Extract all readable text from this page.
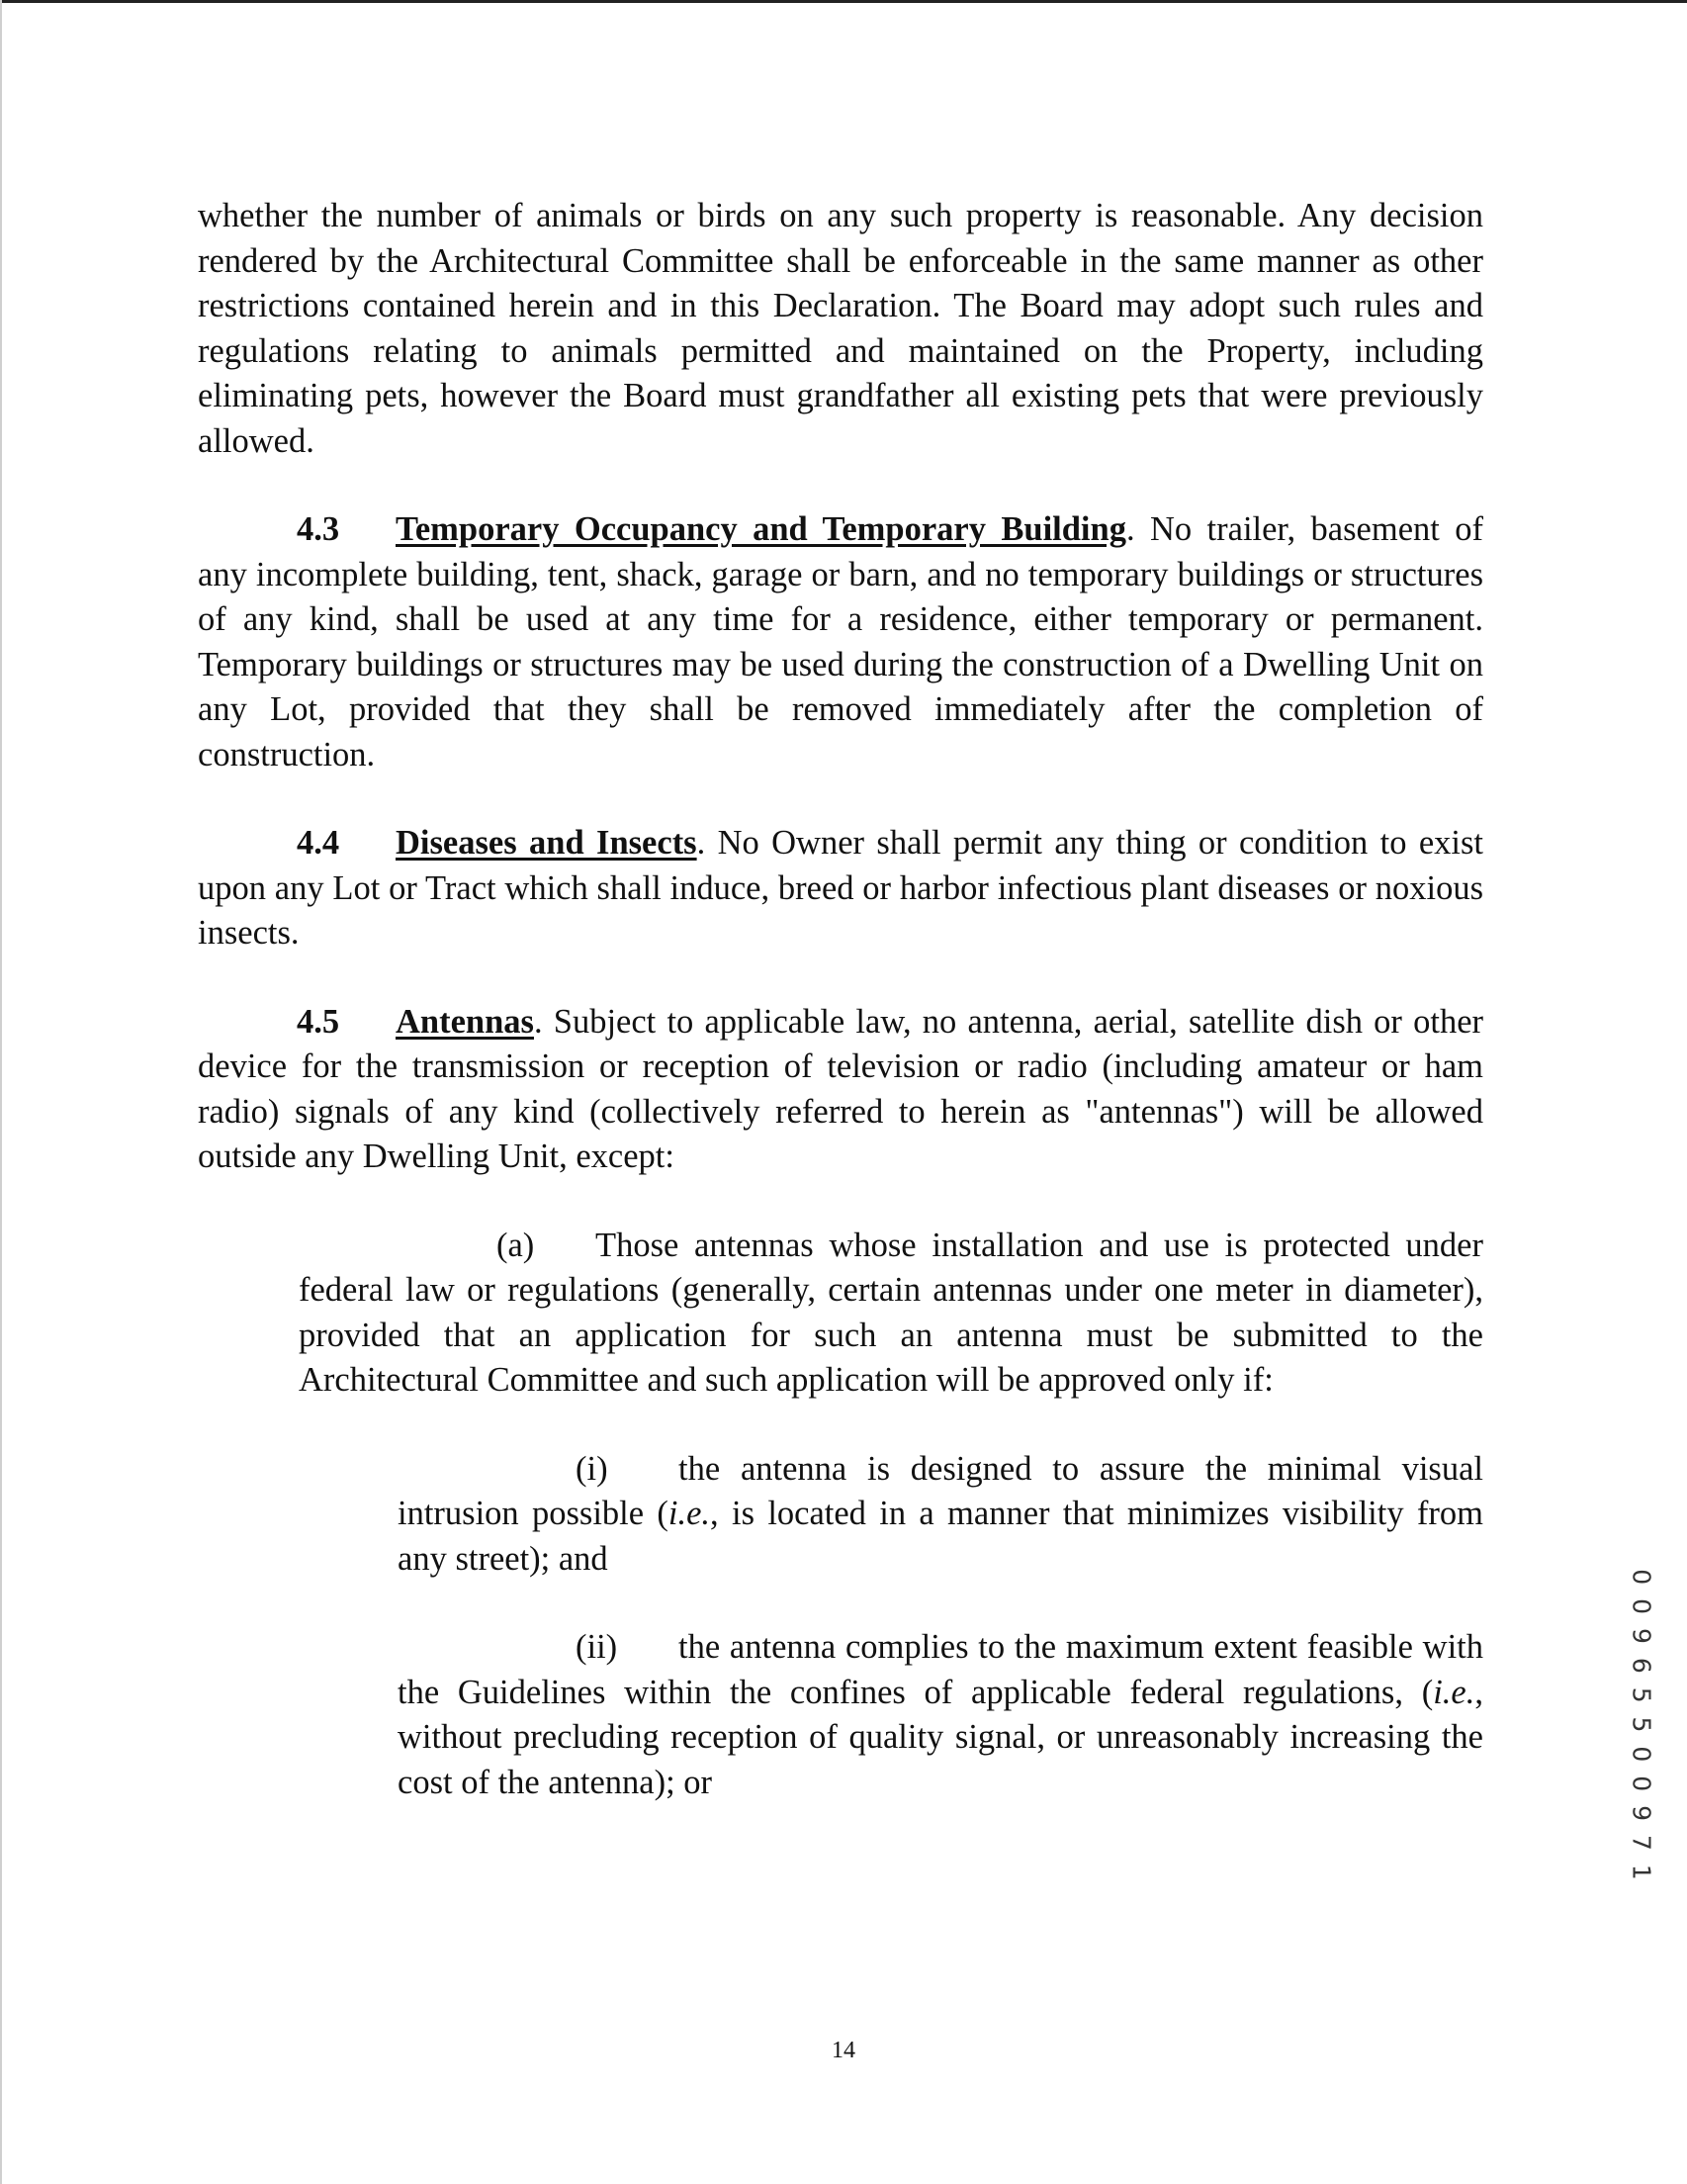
whether the number of animals or birds on any such property is reasonable. Any decision rendered by the Architectural Committee shall be enforceable in the same manner as other restrictions contained herein and in this Declaration. The Board may adopt such rules and regulations relating to animals permitted and maintained on the Property, including eliminating pets, however the Board must grandfather all existing pets that were previously allowed.

4.3 Temporary Occupancy and Temporary Building. No trailer, basement of any incomplete building, tent, shack, garage or barn, and no temporary buildings or structures of any kind, shall be used at any time for a residence, either temporary or permanent. Temporary buildings or structures may be used during the construction of a Dwelling Unit on any Lot, provided that they shall be removed immediately after the completion of construction.

4.4 Diseases and Insects. No Owner shall permit any thing or condition to exist upon any Lot or Tract which shall induce, breed or harbor infectious plant diseases or noxious insects.

4.5 Antennas. Subject to applicable law, no antenna, aerial, satellite dish or other device for the transmission or reception of television or radio (including amateur or ham radio) signals of any kind (collectively referred to herein as "antennas") will be allowed outside any Dwelling Unit, except:

(a) Those antennas whose installation and use is protected under federal law or regulations (generally, certain antennas under one meter in diameter), provided that an application for such an antenna must be submitted to the Architectural Committee and such application will be approved only if:

(i) the antenna is designed to assure the minimal visual intrusion possible (i.e., is located in a manner that minimizes visibility from any street); and

(ii) the antenna complies to the maximum extent feasible with the Guidelines within the confines of applicable federal regulations, (i.e., without precluding reception of quality signal, or unreasonably increasing the cost of the antenna); or	0 0 9 6 5 5 0 0 9 7 1
14
